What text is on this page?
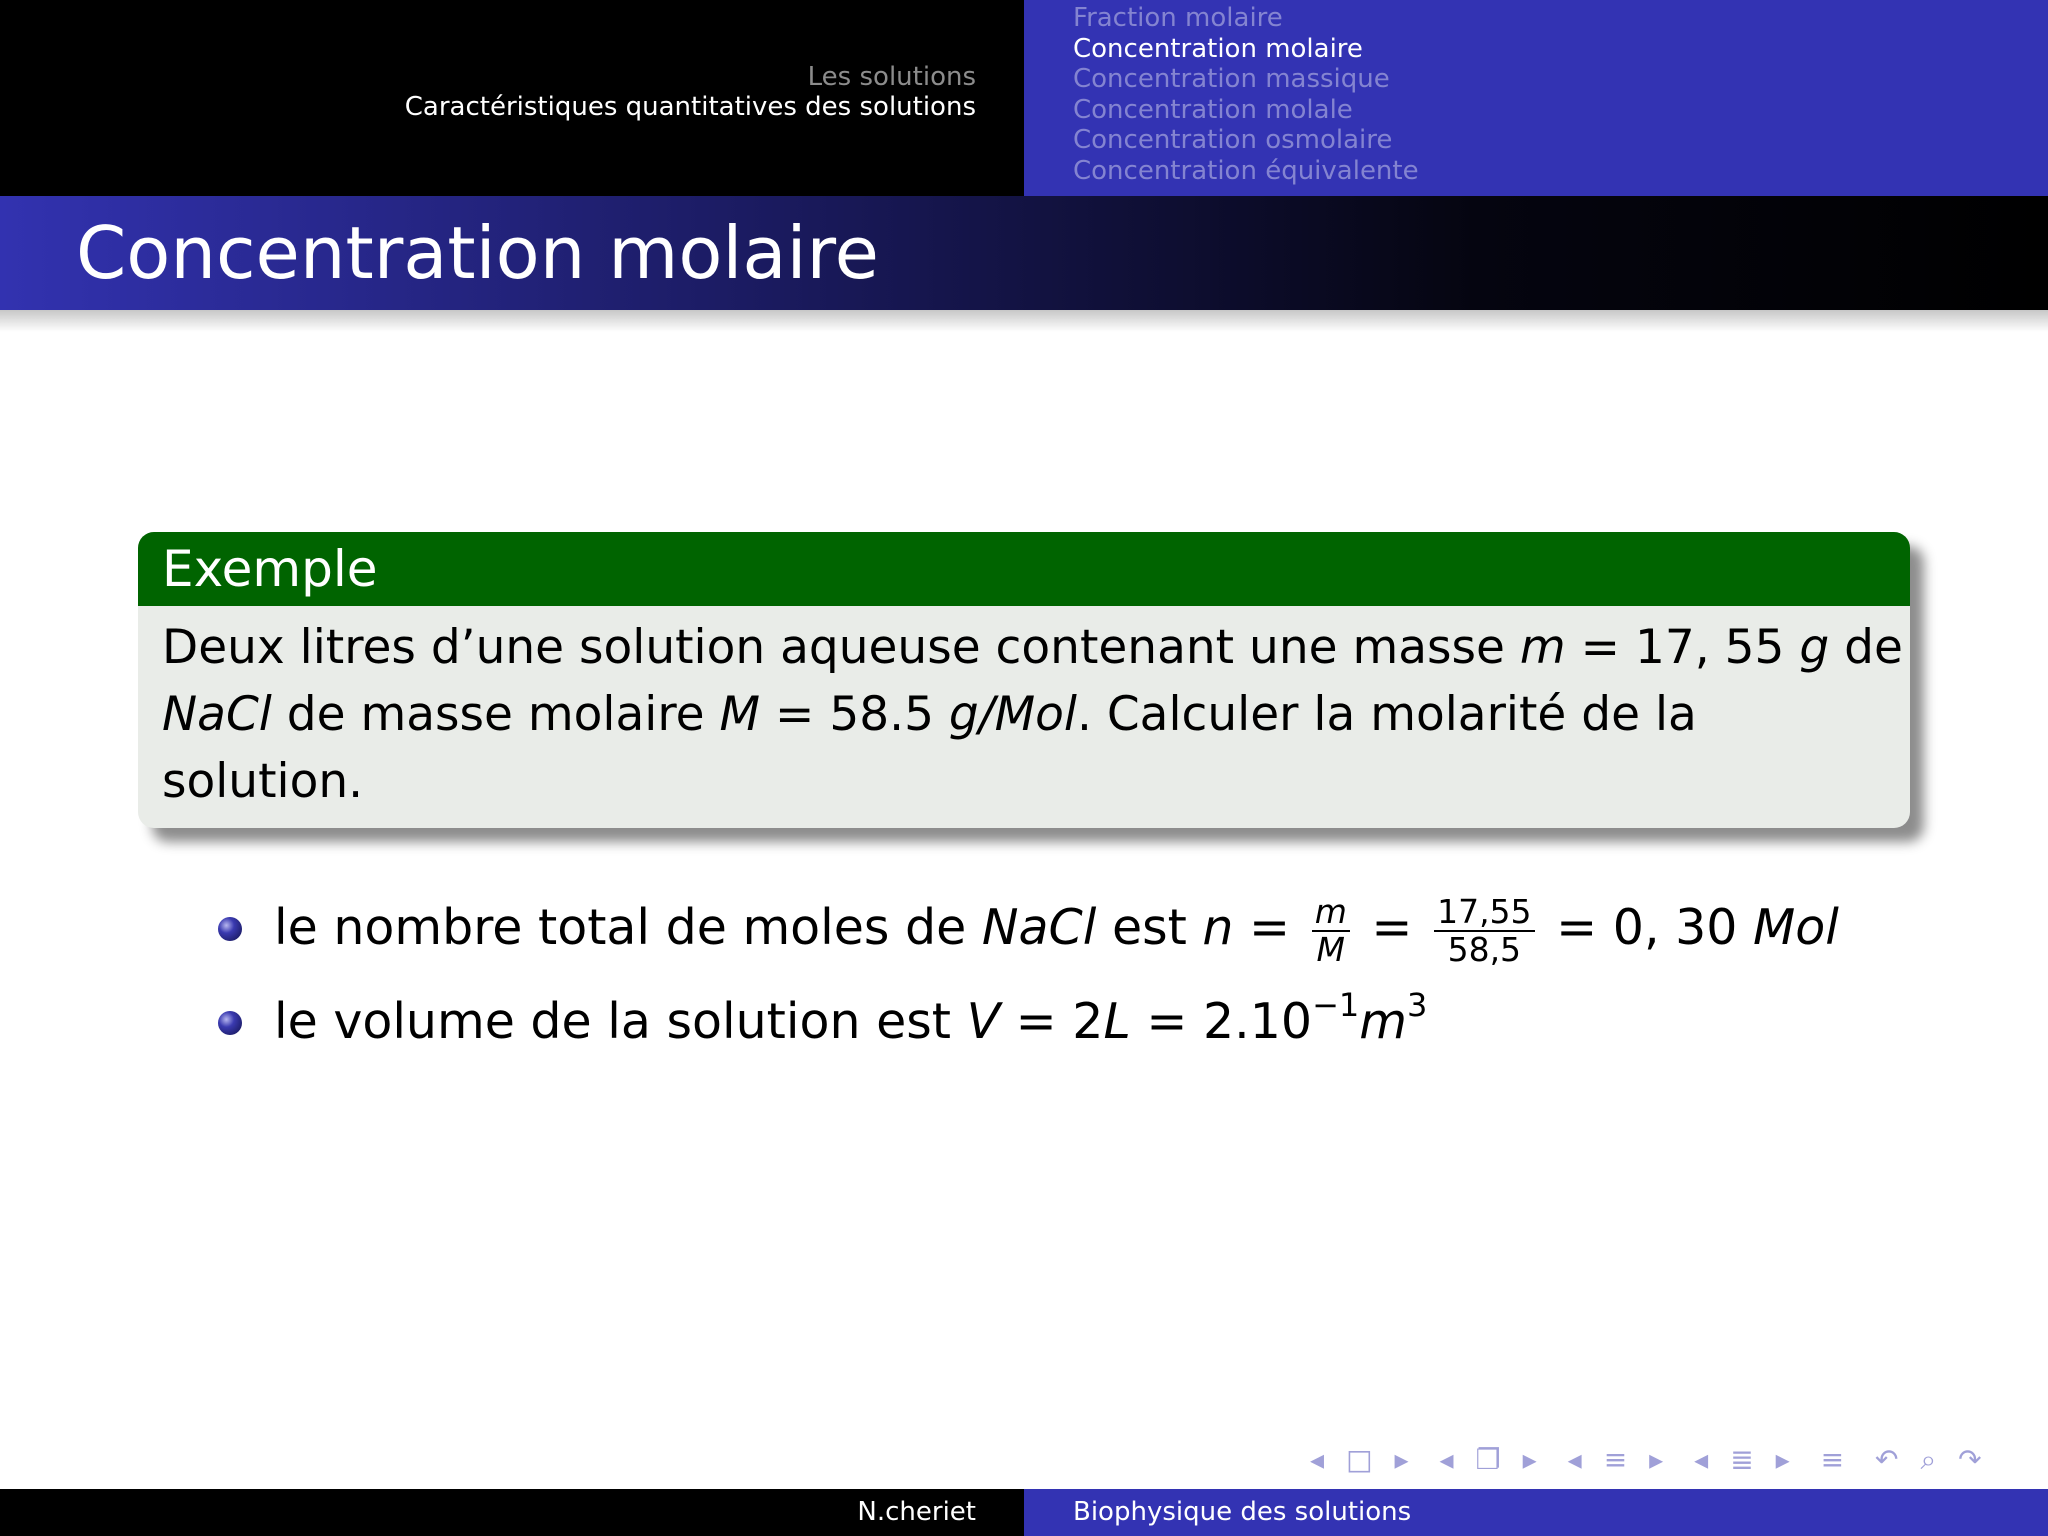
Les solutions
Caractéristiques quantitatives des solutions
Fraction molaire
Concentration molaire
Concentration massique
Concentration molale
Concentration osmolaire
Concentration équivalente
Concentration molaire
Exemple
Deux litres d’une solution aqueuse contenant une masse m = 17, 55 g de
NaCl de masse molaire M = 58.5 g/Mol. Calculer la molarité de la
solution.
le nombre total de moles de NaCl est $n = \frac{m}{M} = \frac{17,55}{58,5} = 0$, 30 Mol
le volume de la solution est $V = 2L = 2.10^{-1}m^3$
◂ □ ▸ ◂ ❐ ▸ ◂ ≡ ▸ ◂ ≣ ▸ ≡ ↶ ⌕ ↷
N.cheriet	Biophysique des solutions
